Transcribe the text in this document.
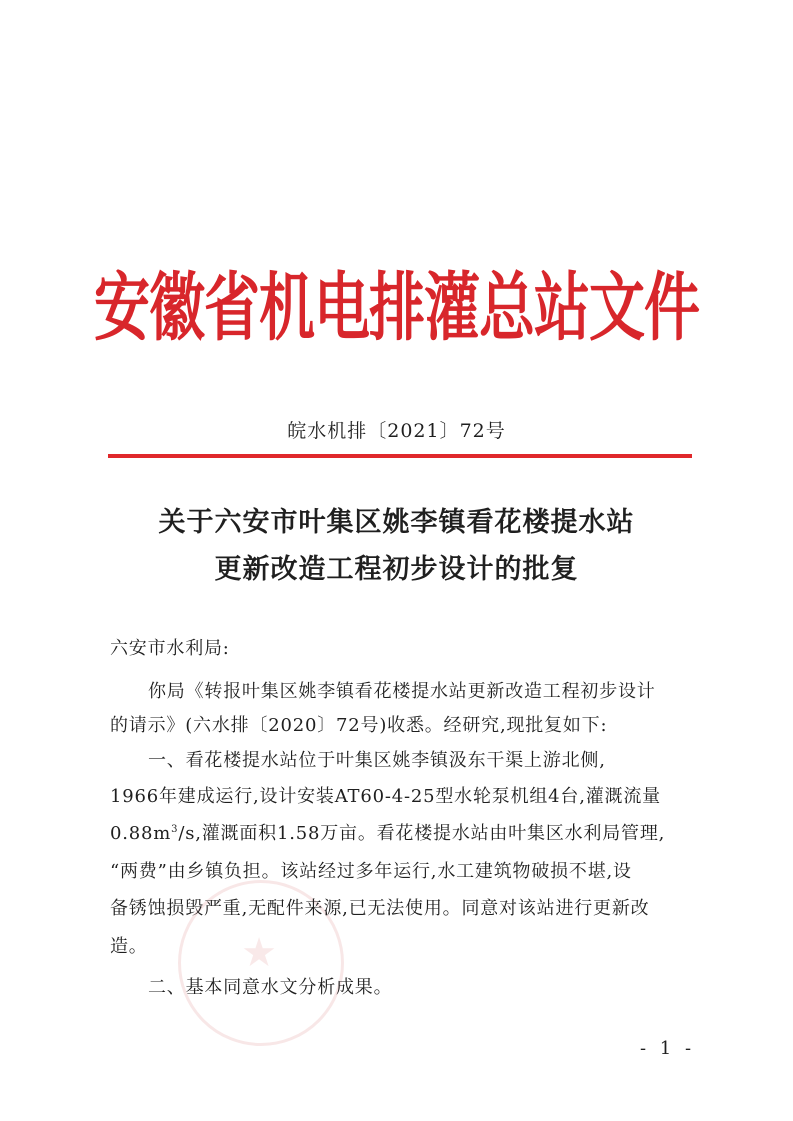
安徽省机电排灌总站文件
皖水机排〔2021〕72号
关于六安市叶集区姚李镇看花楼提水站
更新改造工程初步设计的批复
★
六安市水利局:
你局《转报叶集区姚李镇看花楼提水站更新改造工程初步设计
的请示》(六水排〔2020〕72号)收悉。经研究,现批复如下:
一、看花楼提水站位于叶集区姚李镇汲东干渠上游北侧,
1966年建成运行,设计安装AT60-4-25型水轮泵机组4台,灌溉流量
$0.88m^3/s$,灌溉面积1.58万亩。看花楼提水站由叶集区水利局管理,
“两费”由乡镇负担。该站经过多年运行,水工建筑物破损不堪,设
备锈蚀损毁严重,无配件来源,已无法使用。同意对该站进行更新改
造。
二、基本同意水文分析成果。
- 1 -
